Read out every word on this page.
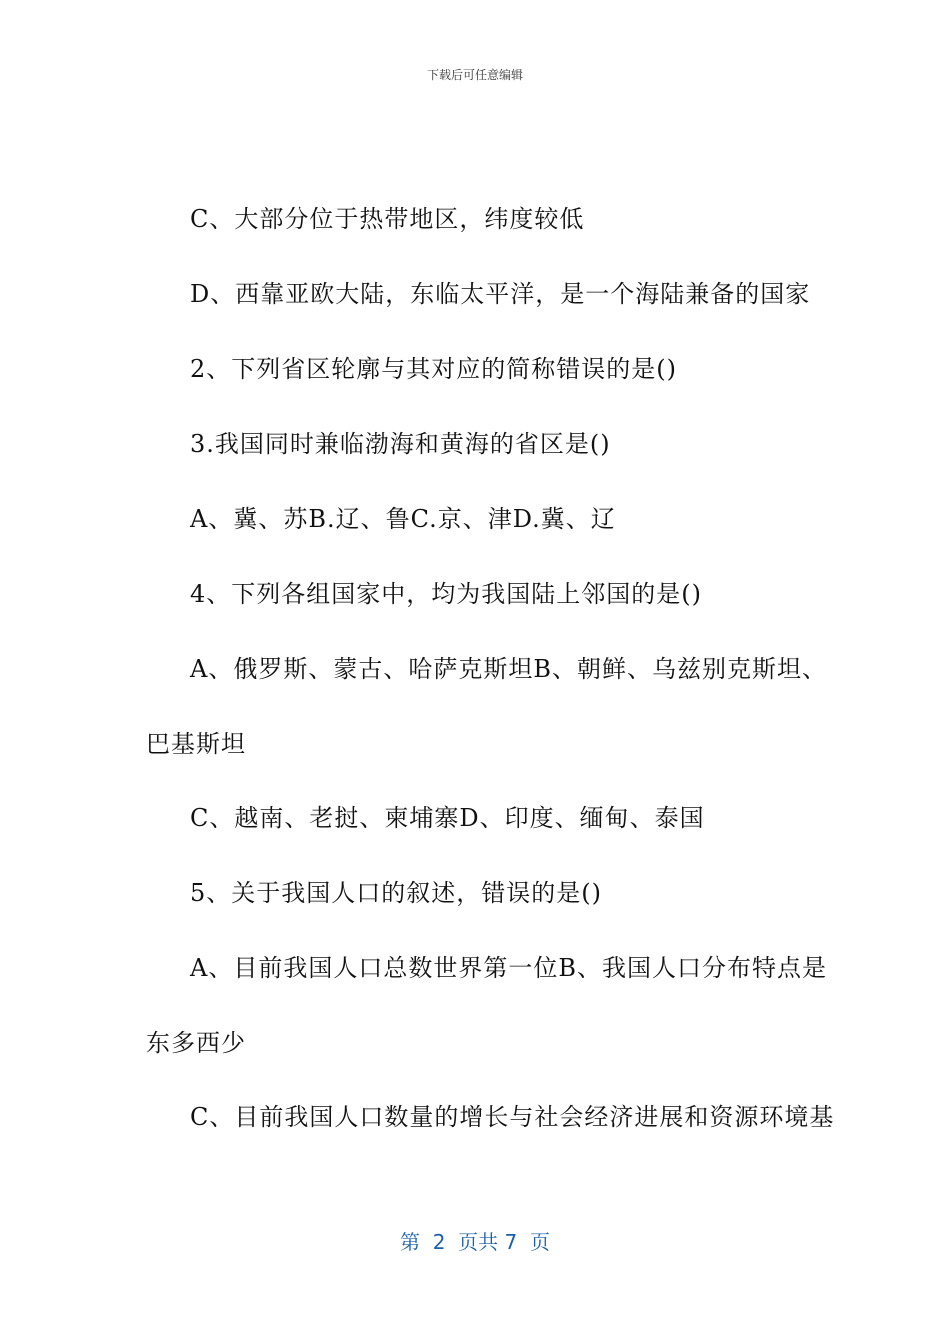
下载后可任意编辑
C、大部分位于热带地区，纬度较低
D、西靠亚欧大陆，东临太平洋，是一个海陆兼备的国家
2、下列省区轮廓与其对应的简称错误的是()
3.我国同时兼临渤海和黄海的省区是()
A、冀、苏B.辽、鲁C.京、津D.冀、辽
4、下列各组国家中，均为我国陆上邻国的是()
A、俄罗斯、蒙古、哈萨克斯坦B、朝鲜、乌兹别克斯坦、
巴基斯坦
C、越南、老挝、柬埔寨D、印度、缅甸、泰国
5、关于我国人口的叙述，错误的是()
A、目前我国人口总数世界第一位B、我国人口分布特点是
东多西少
C、目前我国人口数量的增长与社会经济进展和资源环境基
第  2  页共 7  页
